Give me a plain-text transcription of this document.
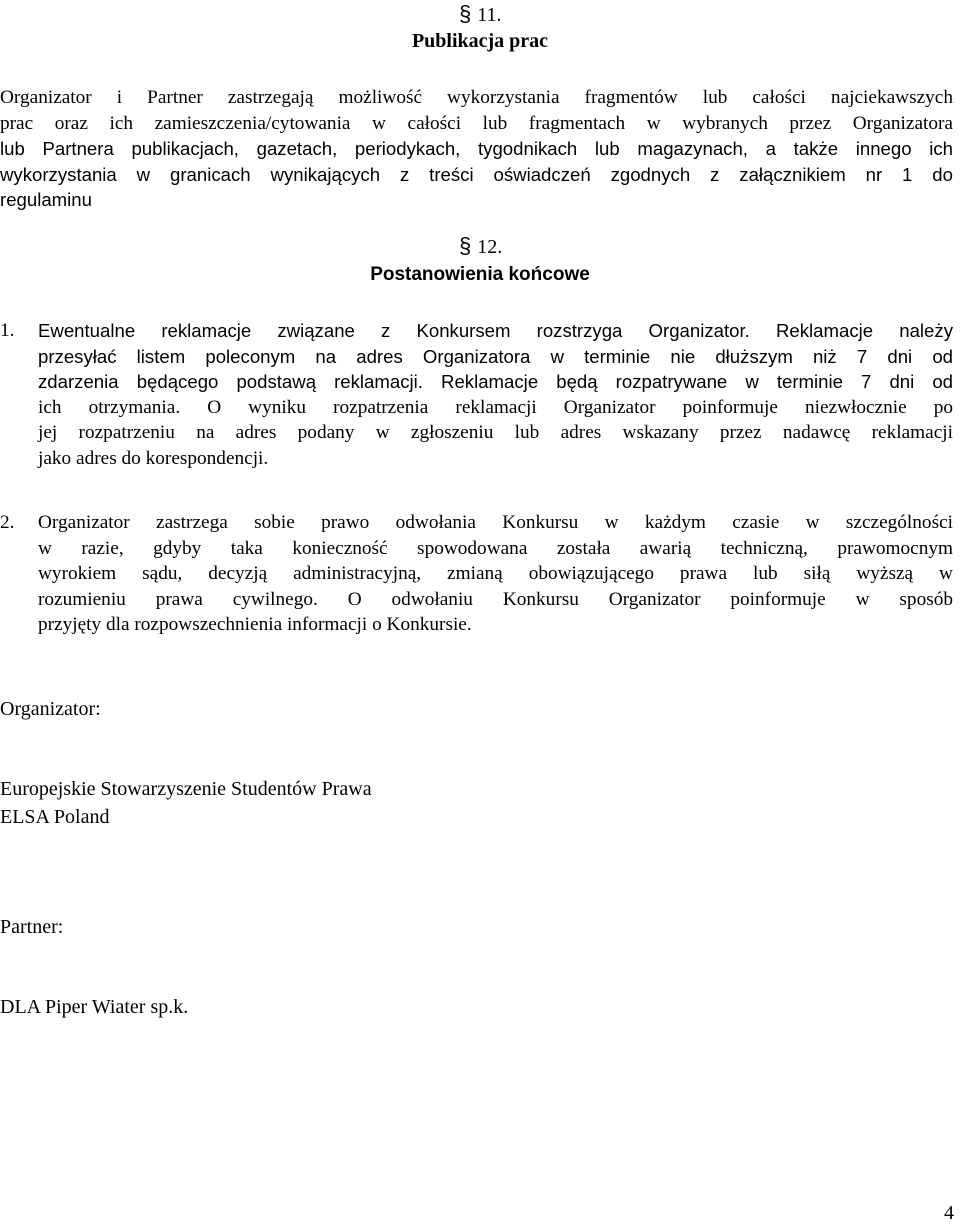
§ 11.
Publikacja prac
Organizator i Partner zastrzegają możliwość wykorzystania fragmentów lub całości najciekawszych
prac oraz ich zamieszczenia/cytowania w całości lub fragmentach w wybranych przez Organizatora
lub Partnera publikacjach, gazetach, periodykach, tygodnikach lub magazynach, a także innego ich
wykorzystania w granicach wynikających z treści oświadczeń zgodnych z załącznikiem nr 1 do
regulaminu
§ 12.
Postanowienia końcowe
1. Ewentualne reklamacje związane z Konkursem rozstrzyga Organizator. Reklamacje należy
przesyłać listem poleconym na adres Organizatora w terminie nie dłuższym niż 7 dni od
zdarzenia będącego podstawą reklamacji. Reklamacje będą rozpatrywane w terminie 7 dni od
ich otrzymania. O wyniku rozpatrzenia reklamacji Organizator poinformuje niezwłocznie po
jej rozpatrzeniu na adres podany w zgłoszeniu lub adres wskazany przez nadawcę reklamacji
jako adres do korespondencji.
2. Organizator zastrzega sobie prawo odwołania Konkursu w każdym czasie w szczególności
w razie, gdyby taka konieczność spowodowana została awarią techniczną, prawomocnym
wyrokiem sądu, decyzją administracyjną, zmianą obowiązującego prawa lub siłą wyższą w
rozumieniu prawa cywilnego. O odwołaniu Konkursu Organizator poinformuje w sposób
przyjęty dla rozpowszechnienia informacji o Konkursie.
Organizator:
Europejskie Stowarzyszenie Studentów Prawa
ELSA Poland
Partner:
DLA Piper Wiater sp.k.
4
